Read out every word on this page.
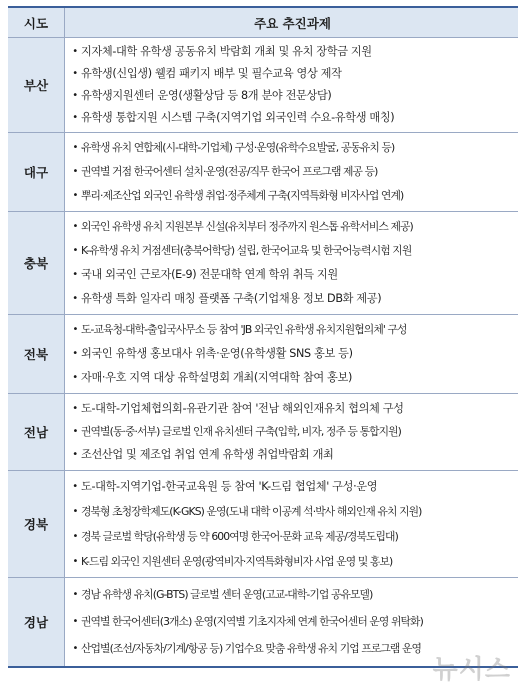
시도	주요 추진과제
부산
• 지자체-대학 유학생 공동유치 박람회 개최 및 유치 장학금 지원
• 유학생(신입생) 웰컴 패키지 배부 및 필수교육 영상 제작
• 유학생지원센터 운영(생활상담 등 8개 분야 전문상담)
• 유학생 통합지원 시스템 구축(지역기업 외국인력 수요-유학생 매칭)
대구
• 유학생 유치 연합체(시-대학-기업체) 구성·운영(유학수요발굴, 공동유치 등)
• 권역별 거점 한국어센터 설치·운영(전공/직무 한국어 프로그램 제공 등)
• 뿌리·제조산업 외국인 유학생 취업·정주체계 구축(지역특화형 비자사업 연계)
충북
• 외국인 유학생 유치 지원본부 신설(유치부터 정주까지 원스톱 유학서비스 제공)
• K-유학생 유치 거점센터(충북어학당) 설립, 한국어교육 및 한국어능력시험 지원
• 국내 외국인 근로자(E-9) 전문대학 연계 학위 취득 지원
• 유학생 특화 일자리 매칭 플랫폼 구축(기업채용 정보 DB화 제공)
전북
• 도-교육청-대학-출입국사무소 등 참여 'JB 외국인 유학생 유치지원협의체' 구성
• 외국인 유학생 홍보대사 위촉·운영(유학생활 SNS 홍보 등)
• 자매·우호 지역 대상 유학설명회 개최(지역대학 참여 홍보)
전남
• 도-대학-기업체협의회-유관기관 참여 '전남 해외인재유치 협의체 구성
• 권역별(동·중·서부) 글로벌 인재 유치센터 구축(입학, 비자, 정주 등 통합지원)
• 조선산업 및 제조업 취업 연계 유학생 취업박람회 개최
경북
• 도-대학-지역기업-한국교육원 등 참여 'K-드림 협업체' 구성·운영
• 경북형 초청장학제도(K-GKS) 운영(도내 대학 이공계 석·박사 해외인재 유치 지원)
• 경북 글로벌 학당(유학생 등 약 600여명 한국어·문화 교육 제공/경북도립대)
• K-드림 외국인 지원센터 운영(광역비자·지역특화형비자 사업 운영 및 홍보)
경남
• 경남 유학생 유치(G-BTS) 글로벌 센터 운영(고교-대학-기업 공유모델)
• 권역별 한국어센터(3개소) 운영(지역별 기초지자체 연계 한국어센터 운영 위탁화)
• 산업별(조선/자동차/기계/항공 등) 기업수요 맞춤 유학생 유치 기업 프로그램 운영
뉴시스
